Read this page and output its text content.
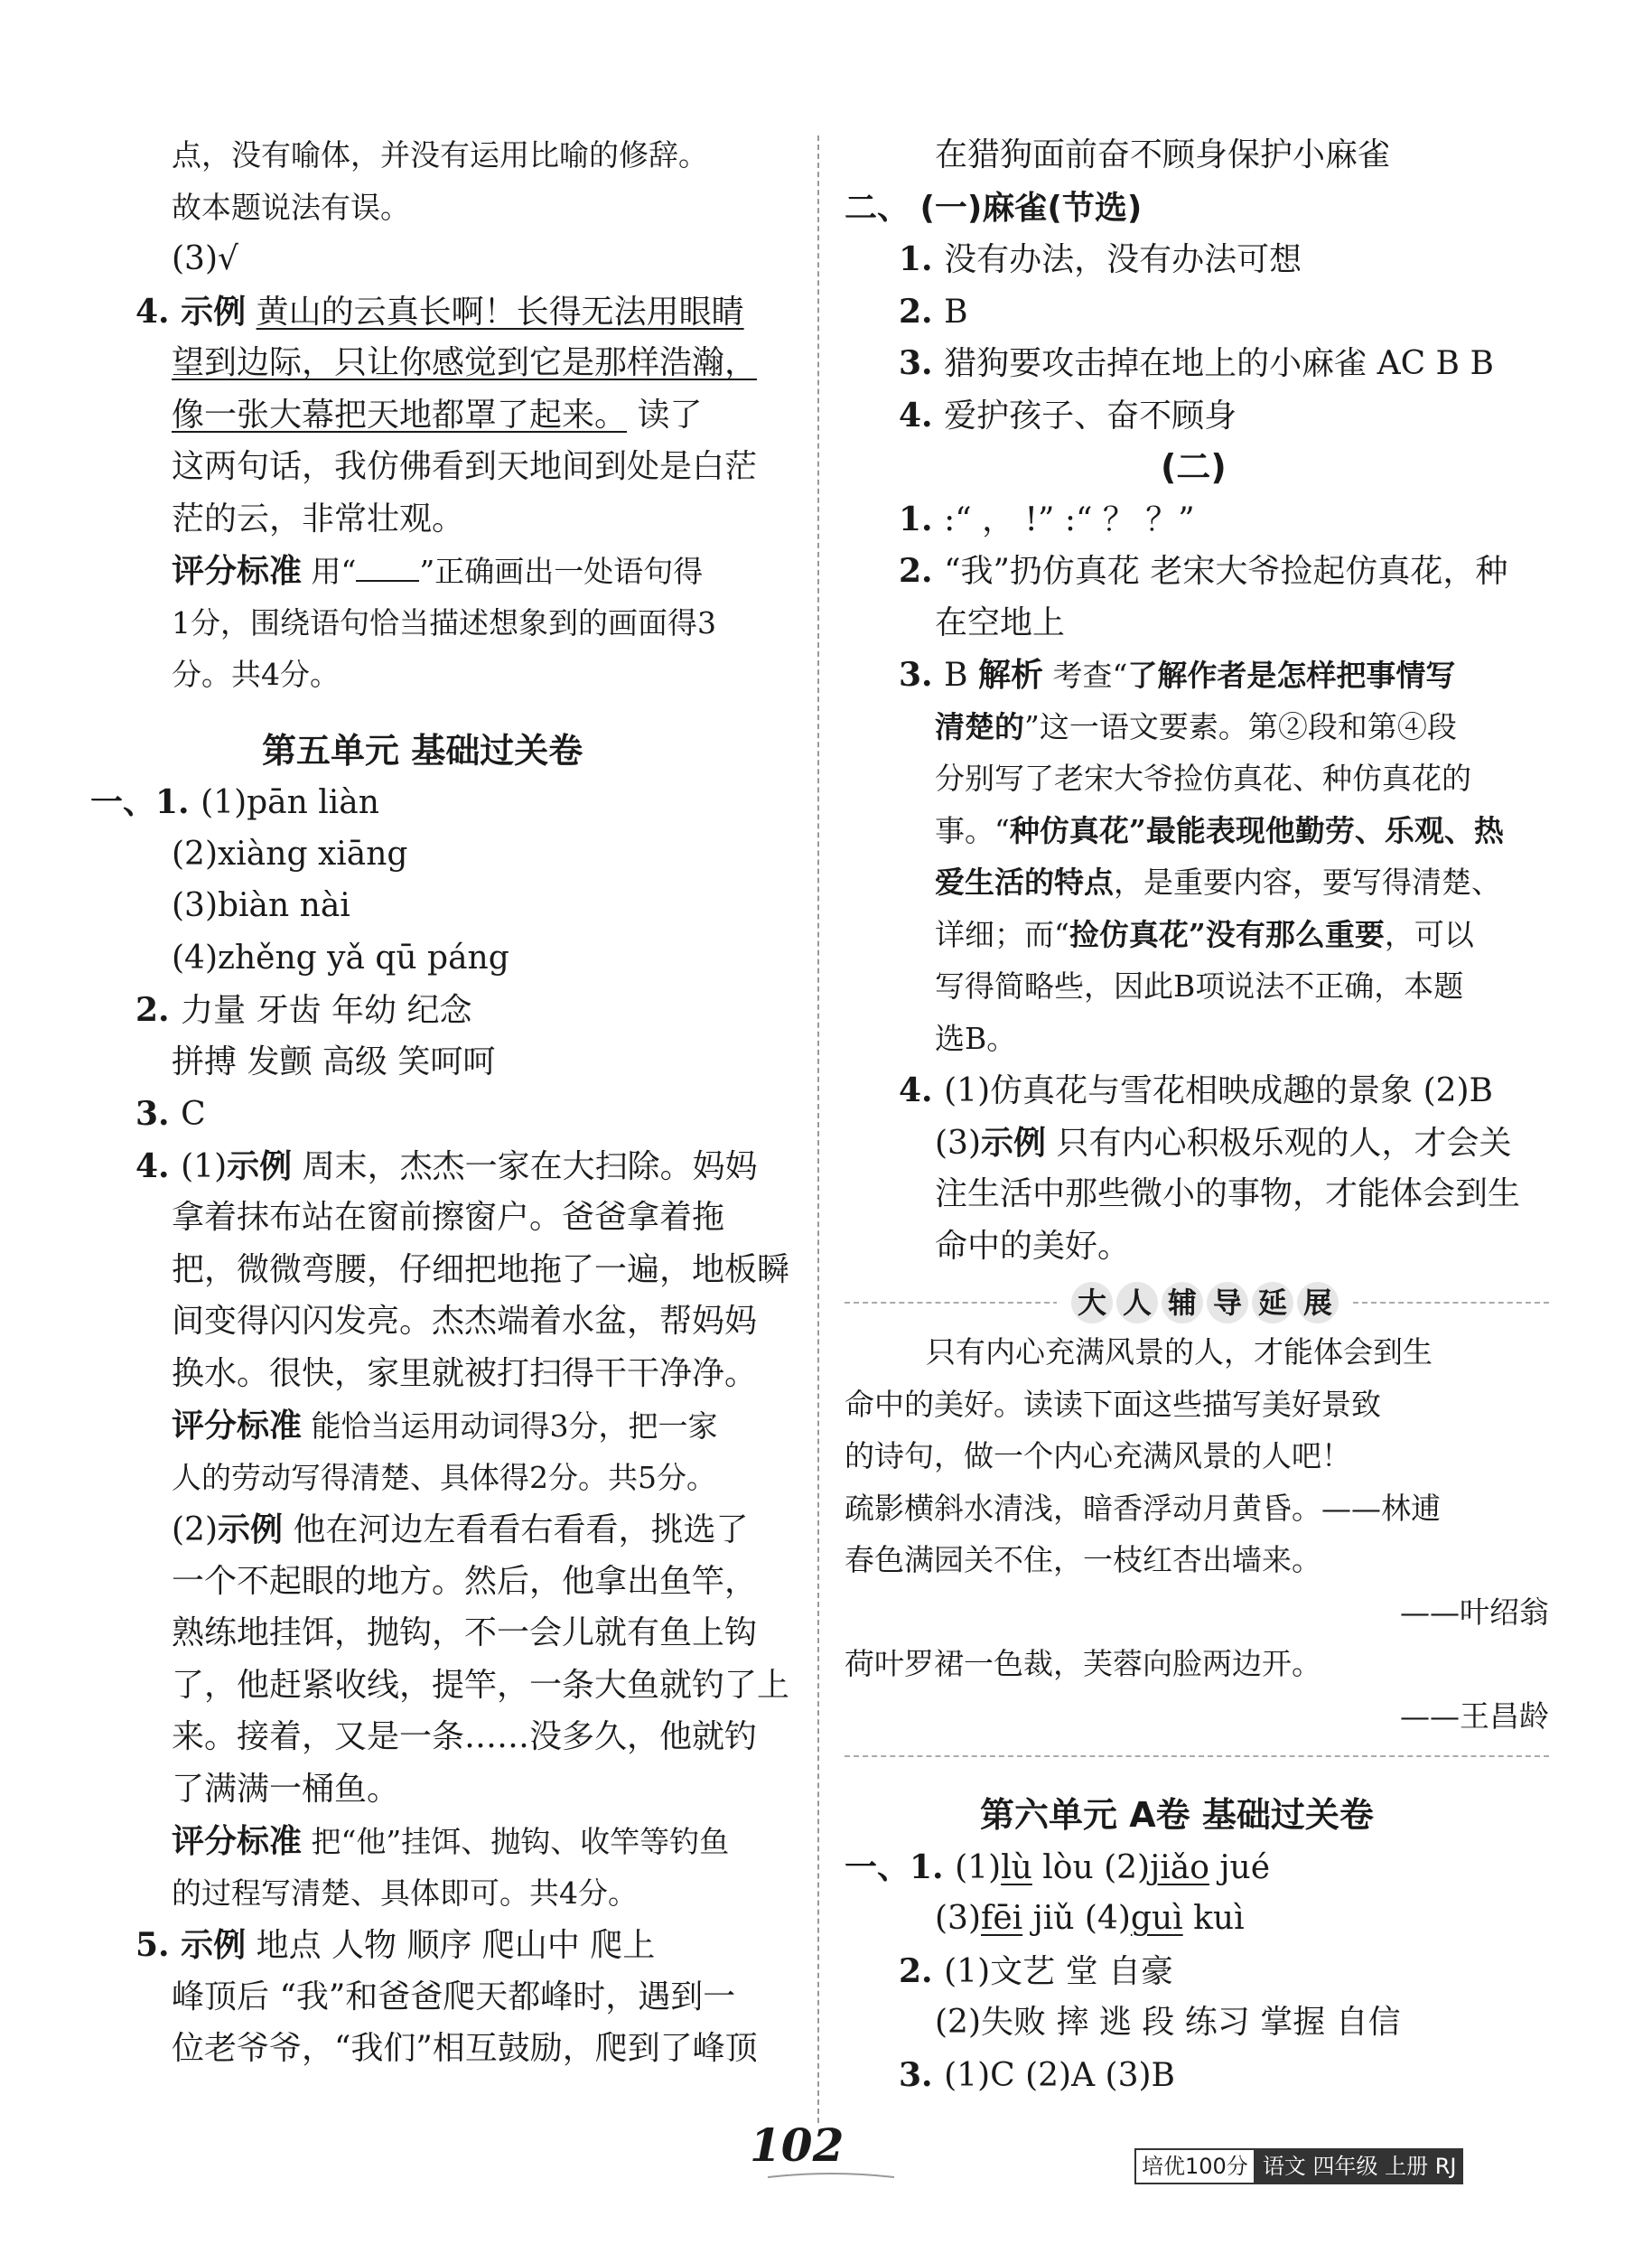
点，没有喻体，并没有运用比喻的修辞。
故本题说法有误。
(3)√
4. 示例 黄山的云真长啊！长得无法用眼睛
望到边际，只让你感觉到它是那样浩瀚，
像一张大幕把天地都罩了起来。 读了
这两句话，我仿佛看到天地间到处是白茫
茫的云，非常壮观。
评分标准 用“ ”正确画出一处语句得
1分，围绕语句恰当描述想象到的画面得3
分。共4分。
第五单元 基础过关卷
一、1. (1)pān liàn
(2)xiàng xiāng
(3)biàn nài
(4)zhěng yǎ qū páng
2. 力量 牙齿 年幼 纪念
拼搏 发颤 高级 笑呵呵
3. C
4. (1)示例 周末，杰杰一家在大扫除。妈妈
拿着抹布站在窗前擦窗户。爸爸拿着拖
把，微微弯腰，仔细把地拖了一遍，地板瞬
间变得闪闪发亮。杰杰端着水盆，帮妈妈
换水。很快，家里就被打扫得干干净净。
评分标准 能恰当运用动词得3分，把一家
人的劳动写得清楚、具体得2分。共5分。
(2)示例 他在河边左看看右看看，挑选了
一个不起眼的地方。然后，他拿出鱼竿，
熟练地挂饵，抛钩，不一会儿就有鱼上钩
了，他赶紧收线，提竿，一条大鱼就钓了上
来。接着，又是一条……没多久，他就钓
了满满一桶鱼。
评分标准 把“他”挂饵、抛钩、收竿等钓鱼
的过程写清楚、具体即可。共4分。
5. 示例 地点 人物 顺序 爬山中 爬上
峰顶后 “我”和爸爸爬天都峰时，遇到一
位老爷爷，“我们”相互鼓励，爬到了峰顶
在猎狗面前奋不顾身保护小麻雀
二、 (一)麻雀(节选)
1. 没有办法，没有办法可想
2. B
3. 猎狗要攻击掉在地上的小麻雀 AC B B
4. 爱护孩子、奋不顾身
(二)
1. :“ ， !” :“ ？ ？”
2. “我”扔仿真花 老宋大爷捡起仿真花，种
在空地上
3. B 解析 考查“了解作者是怎样把事情写
清楚的”这一语文要素。第②段和第④段
分别写了老宋大爷捡仿真花、种仿真花的
事。“种仿真花”最能表现他勤劳、乐观、热
爱生活的特点，是重要内容，要写得清楚、
详细；而“捡仿真花”没有那么重要，可以
写得简略些，因此B项说法不正确，本题
选B。
4. (1)仿真花与雪花相映成趣的景象 (2)B
(3)示例 只有内心积极乐观的人，才会关
注生活中那些微小的事物，才能体会到生
命中的美好。
大 人 辅 导 延 展
只有内心充满风景的人，才能体会到生
命中的美好。读读下面这些描写美好景致
的诗句，做一个内心充满风景的人吧！
疏影横斜水清浅，暗香浮动月黄昏。——林逋
春色满园关不住，一枝红杏出墙来。
——叶绍翁
荷叶罗裙一色裁，芙蓉向脸两边开。
——王昌龄
第六单元 A卷 基础过关卷
一、1. (1)lù lòu (2)jiǎo jué
(3)fēi jiǔ (4)guì kuì
2. (1)文艺 堂 自豪
(2)失败 摔 逃 段 练习 掌握 自信
3. (1)C (2)A (3)B
102	培优100分 语文 四年级 上册 RJ
